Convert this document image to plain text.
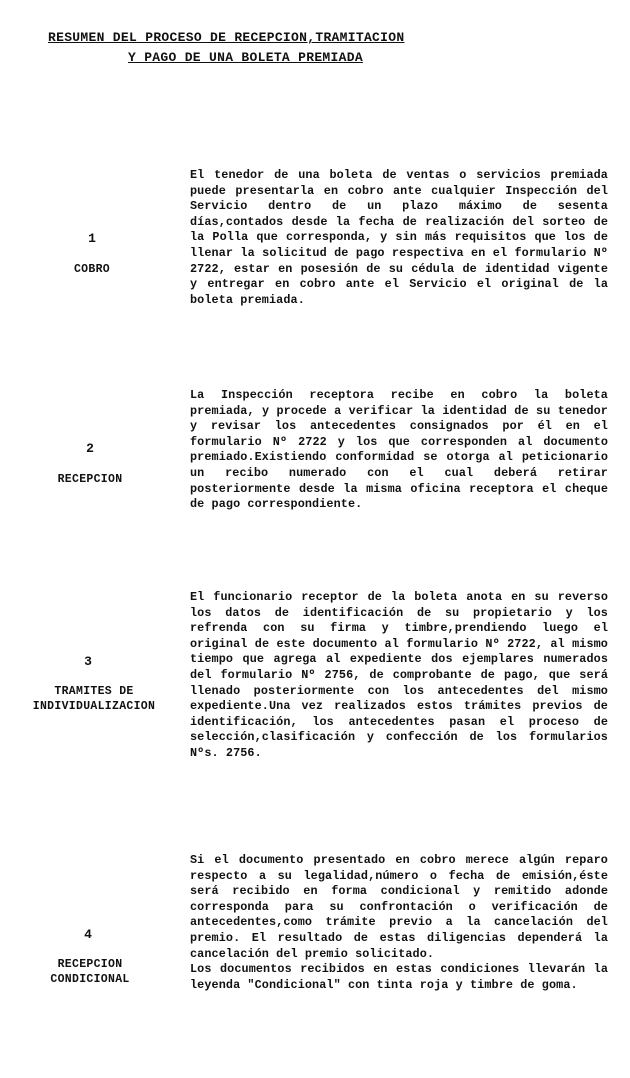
RESUMEN DEL PROCESO DE RECEPCION,TRAMITACION
Y PAGO DE UNA BOLETA PREMIADA
1
COBRO
El tenedor de una boleta de ventas o servicios premiada puede presentarla en cobro ante cualquier Inspección del Servicio dentro de un plazo máximo de sesenta días,contados desde la fecha de realización del sorteo de la Polla que corresponda, y sin más requisitos que los de llenar la solicitud de pago respectiva en el formulario Nº 2722, estar en posesión de su cédula de identidad vigente y entregar en cobro ante el Servicio el original de la boleta premiada.
2
RECEPCION
La Inspección receptora recibe en cobro la boleta premiada, y procede a verificar la identidad de su tenedor y revisar los antecedentes consignados por él en el formulario Nº 2722 y los que corresponden al documento premiado.Existiendo conformidad se otorga al peticionario un recibo numerado con el cual deberá retirar posteriormente desde la misma oficina receptora el cheque de pago correspondiente.
3
TRAMITES DE
INDIVIDUALIZACION
El funcionario receptor de la boleta anota en su reverso los datos de identificación de su propietario y los refrenda con su firma y timbre,prendiendo luego el original de este documento al formulario Nº 2722, al mismo tiempo que agrega al expediente dos ejemplares numerados del formulario Nº 2756, de comprobante de pago, que será llenado posteriormente con los antecedentes del mismo expediente.Una vez realizados estos trámites previos de identificación, los antecedentes pasan el proceso de selección,clasificación y confección de los formularios Nºs. 2756.
4
RECEPCION
CONDICIONAL
Si el documento presentado en cobro merece algún reparo respecto a su legalidad,número o fecha de emisión,éste será recibido en forma condicional y remitido adonde corresponda para su confrontación o verificación de antecedentes,como trámite previo a la cancelación del premio. El resultado de estas diligencias dependerá la cancelación del premio solicitado.
Los documentos recibidos en estas condiciones llevarán la leyenda "Condicional" con tinta roja y timbre de goma.
